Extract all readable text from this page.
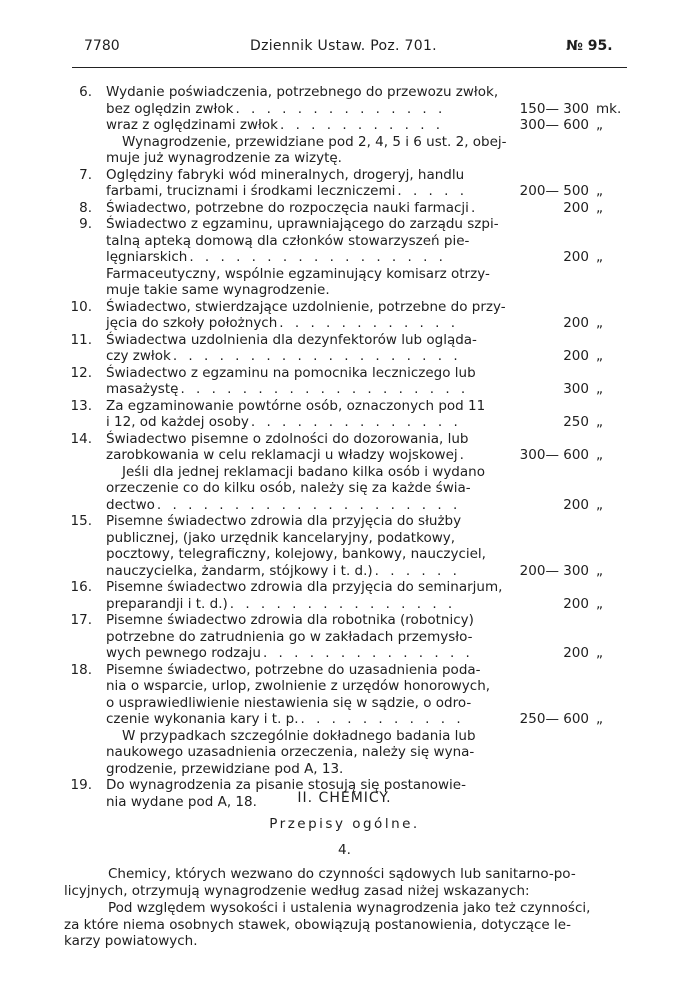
7780	Dziennik Ustaw. Poz. 701.	№ 95.
6. Wydanie poświadczenia, potrzebnego do przewozu zwłok,
bez oględzin zwłok . . . . . . . . . . . . . .	150— 300 mk.
wraz z oględzinami zwłok . . . . . . . . . . .	300— 600 „
Wynagrodzenie, przewidziane pod 2, 4, 5 i 6 ust. 2, obej-
muje już wynagrodzenie za wizytę.
7. Oględziny fabryki wód mineralnych, drogeryj, handlu
farbami, truciznami i środkami leczniczemi . . . . .	200— 500 „
8. Świadectwo, potrzebne do rozpoczęcia nauki farmacji .	200 „
9. Świadectwo z egzaminu, uprawniającego do zarządu szpi-
talną apteką domową dla członków stowarzyszeń pie-
lęgniarskich . . . . . . . . . . . . . . . . .	200 „
Farmaceutyczny, wspólnie egzaminujący komisarz otrzy-
muje takie same wynagrodzenie.
10. Świadectwo, stwierdzające uzdolnienie, potrzebne do przy-
jęcia do szkoły położnych . . . . . . . . . . . .	200 „
11. Świadectwa uzdolnienia dla dezynfektorów lub ogląda-
czy zwłok . . . . . . . . . . . . . . . . . . .	200 „
12. Świadectwo z egzaminu na pomocnika leczniczego lub
masażystę . . . . . . . . . . . . . . . . . . .	300 „
13. Za egzaminowanie powtórne osób, oznaczonych pod 11
i 12, od każdej osoby . . . . . . . . . . . . . .	250 „
14. Świadectwo pisemne o zdolności do dozorowania, lub
zarobkowania w celu reklamacji u władzy wojskowej .	300— 600 „
Jeśli dla jednej reklamacji badano kilka osób i wydano
orzeczenie co do kilku osób, należy się za każde świa-
dectwo . . . . . . . . . . . . . . . . . . . .	200 „
15. Pisemne świadectwo zdrowia dla przyjęcia do służby
publicznej, (jako urzędnik kancelaryjny, podatkowy,
pocztowy, telegraficzny, kolejowy, bankowy, nauczyciel,
nauczycielka, żandarm, stójkowy i t. d.) . . . . . .	200— 300 „
16. Pisemne świadectwo zdrowia dla przyjęcia do seminarjum,
preparandji i t. d.) . . . . . . . . . . . . . . .	200 „
17. Pisemne świadectwo zdrowia dla robotnika (robotnicy)
potrzebne do zatrudnienia go w zakładach przemysło-
wych pewnego rodzaju . . . . . . . . . . . . . .	200 „
18. Pisemne świadectwo, potrzebne do uzasadnienia poda-
nia o wsparcie, urlop, zwolnienie z urzędów honorowych,
o usprawiedliwienie niestawienia się w sądzie, o odro-
czenie wykonania kary i t. p. . . . . . . . . . . .	250— 600 „
W przypadkach szczególnie dokładnego badania lub
naukowego uzasadnienia orzeczenia, należy się wyna-
grodzenie, przewidziane pod A, 13.
19. Do wynagrodzenia za pisanie stosują się postanowie-
nia wydane pod A, 18.	II. CHEMICY.
Przepisy ogólne.
4.
Chemicy, których wezwano do czynności sądowych lub sanitarno-po-
licyjnych, otrzymują wynagrodzenie według zasad niżej wskazanych:
Pod względem wysokości i ustalenia wynagrodzenia jako też czynności,
za które niema osobnych stawek, obowiązują postanowienia, dotyczące le-
karzy powiatowych.
